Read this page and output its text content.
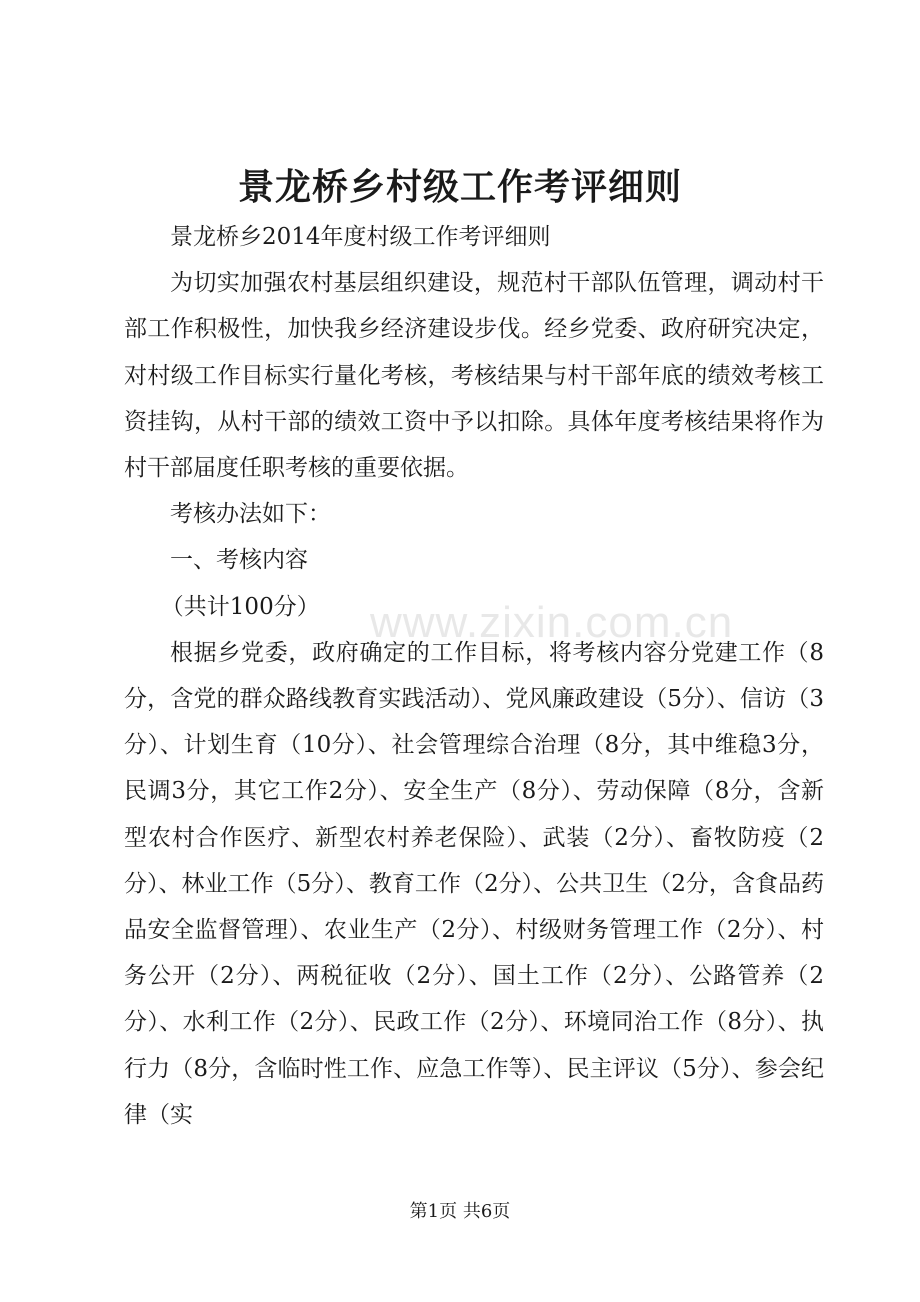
景龙桥乡村级工作考评细则

景龙桥乡2014年度村级工作考评细则

为切实加强农村基层组织建设，规范村干部队伍管理，调动村干部工作积极性，加快我乡经济建设步伐。经乡党委、政府研究决定，对村级工作目标实行量化考核，考核结果与村干部年底的绩效考核工资挂钩，从村干部的绩效工资中予以扣除。具体年度考核结果将作为村干部届度任职考核的重要依据。

考核办法如下：

一、考核内容

（共计100分）

根据乡党委，政府确定的工作目标，将考核内容分党建工作（8分，含党的群众路线教育实践活动）、党风廉政建设（5分）、信访（3分）、计划生育（10分）、社会管理综合治理（8分，其中维稳3分，民调3分，其它工作2分）、安全生产（8分）、劳动保障（8分，含新型农村合作医疗、新型农村养老保险）、武装（2分）、畜牧防疫（2分）、林业工作（5分）、教育工作（2分）、公共卫生（2分，含食品药品安全监督管理）、农业生产（2分）、村级财务管理工作（2分）、村务公开（2分）、两税征收（2分）、国土工作（2分）、公路管养（2分）、水利工作（2分）、民政工作（2分）、环境同治工作（8分）、执行力（8分，含临时性工作、应急工作等）、民主评议（5分）、参会纪律（实

www.zixin.com.cn
第1页 共6页
